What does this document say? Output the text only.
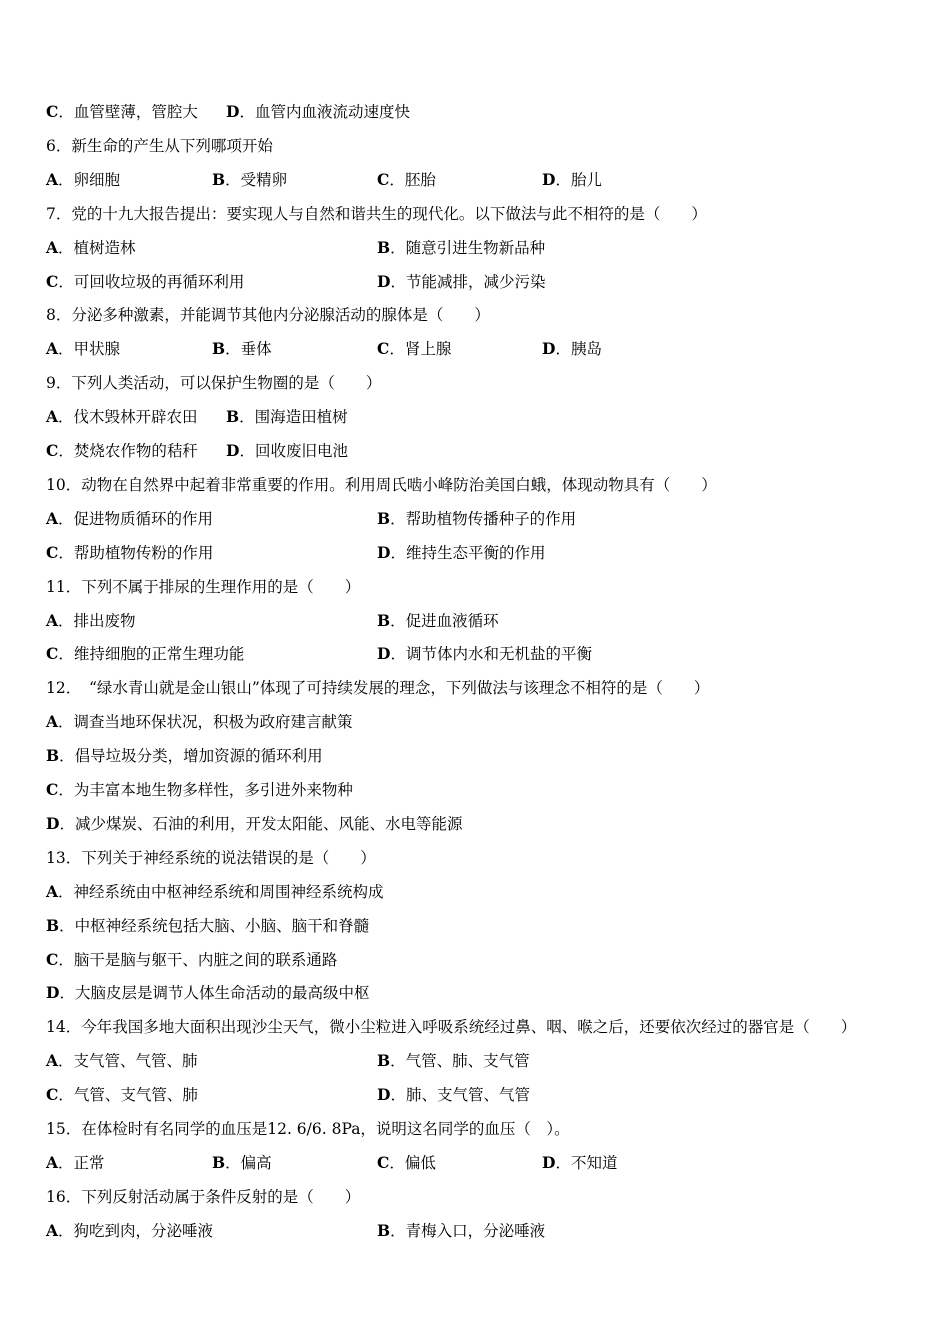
C．血管壁薄，管腔大 D．血管内血液流动速度快
6．新生命的产生从下列哪项开始
A．卵细胞	B．受精卵	C．胚胎	D．胎儿
7．党的十九大报告提出：要实现人与自然和谐共生的现代化。以下做法与此不相符的是（　　）
A．植树造林	B．随意引进生物新品种
C．可回收垃圾的再循环利用	D．节能减排，减少污染
8．分泌多种激素，并能调节其他内分泌腺活动的腺体是（　　）
A．甲状腺	B．垂体	C．肾上腺	D．胰岛
9．下列人类活动，可以保护生物圈的是（　　）
A．伐木毁林开辟农田 B．围海造田植树
C．焚烧农作物的秸秆 D．回收废旧电池
10．动物在自然界中起着非常重要的作用。利用周氏啮小峰防治美国白蛾，体现动物具有（　　）
A．促进物质循环的作用	B．帮助植物传播种子的作用
C．帮助植物传粉的作用	D．维持生态平衡的作用
11．下列不属于排尿的生理作用的是（　　）
A．排出废物	B．促进血液循环
C．维持细胞的正常生理功能	D．调节体内水和无机盐的平衡
12．　“绿水青山就是金山银山”体现了可持续发展的理念，下列做法与该理念不相符的是（　　）
A．调查当地环保状况，积极为政府建言献策
B．倡导垃圾分类，增加资源的循环利用
C．为丰富本地生物多样性，多引进外来物种
D．减少煤炭、石油的利用，开发太阳能、风能、水电等能源
13．下列关于神经系统的说法错误的是（　　）
A．神经系统由中枢神经系统和周围神经系统构成
B．中枢神经系统包括大脑、小脑、脑干和脊髓
C．脑干是脑与躯干、内脏之间的联系通路
D．大脑皮层是调节人体生命活动的最高级中枢
14．今年我国多地大面积出现沙尘天气，微小尘粒进入呼吸系统经过鼻、咽、喉之后，还要依次经过的器官是（　　）
A．支气管、气管、肺	B．气管、肺、支气管
C．气管、支气管、肺	D．肺、支气管、气管
15．在体检时有名同学的血压是12. 6/6. 8Pa，说明这名同学的血压（　）。
A．正常	B．偏高	C．偏低	D．不知道
16．下列反射活动属于条件反射的是（　　）
A．狗吃到肉，分泌唾液	B．青梅入口，分泌唾液
